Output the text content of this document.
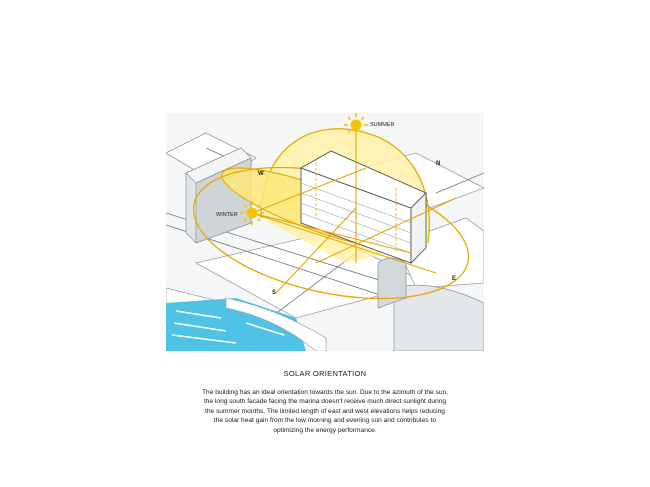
SUMMER
WINTER
N
W
E
S
SOLAR ORIENTATION
The building has an ideal orientation towards the sun. Due to the azimuth of the sun, the long south facade facing the marina doesn't receive much direct sunlight during the summer months. The limited length of east and west elevations helps reducing the solar heat gain from the low morning and evening sun and contributes to optimizing the energy performance.
